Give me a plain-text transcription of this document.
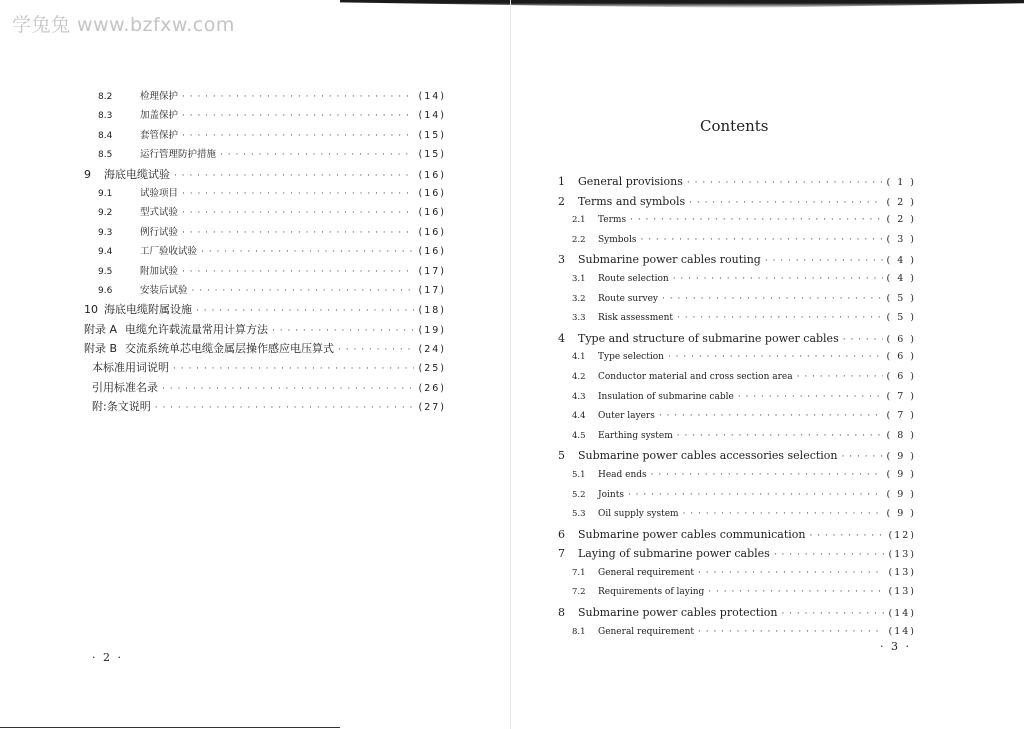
学兔兔 www.bzfxw.com
8.2	检理保护 · · ·	(14)
8.3	加盖保护 · · ·	(14)
8.4	套管保护 · · ·	(15)
8.5	运行管理防护措施 · · ·	(15)
9	海底电缆试验 · · ·	(16)
9.1	试验项目 · · ·	(16)
9.2	型式试验 · · ·	(16)
9.3	例行试验 · · ·	(16)
9.4	工厂验收试验 · · ·	(16)
9.5	附加试验 · · ·	(17)
9.6	安装后试验 · · ·	(17)
10 海底电缆附属设施 · · ·	(18)
附录 A 电缆允许载流量常用计算方法 · · ·	(19)
附录 B 交流系统单芯电缆金属层操作感应电压算式 · · ·	(24)
本标准用词说明 · · ·	(25)
引用标准名录 · · ·	(26)
附:条文说明 · · ·	(27)
Contents
1	General provisions · · ·	( 1 )
2	Terms and symbols · · ·	( 2 )
2.1	Terms · · ·	( 2 )
2.2	Symbols · · ·	( 3 )
3	Submarine power cables routing · · ·	( 4 )
3.1	Route selection · · ·	( 4 )
3.2	Route survey · · ·	( 5 )
3.3	Risk assessment · · ·	( 5 )
4	Type and structure of submarine power cables · · ·	( 6 )
4.1	Type selection · · ·	( 6 )
4.2	Conductor material and cross section area · · ·	( 6 )
4.3	Insulation of submarine cable · · ·	( 7 )
4.4	Outer layers · · ·	( 7 )
4.5	Earthing system · · ·	( 8 )
5	Submarine power cables accessories selection · · ·	( 9 )
5.1	Head ends · · ·	( 9 )
5.2	Joints · · ·	( 9 )
5.3	Oil supply system · · ·	( 9 )
6	Submarine power cables communication · · ·	(12)
7	Laying of submarine power cables · · ·	(13)
7.1	General requirement · · ·	(13)
7.2	Requirements of laying · · ·	(13)
8	Submarine power cables protection · · ·	(14)
8.1	General requirement · · ·	(14)
· 2 ·
· 3 ·
